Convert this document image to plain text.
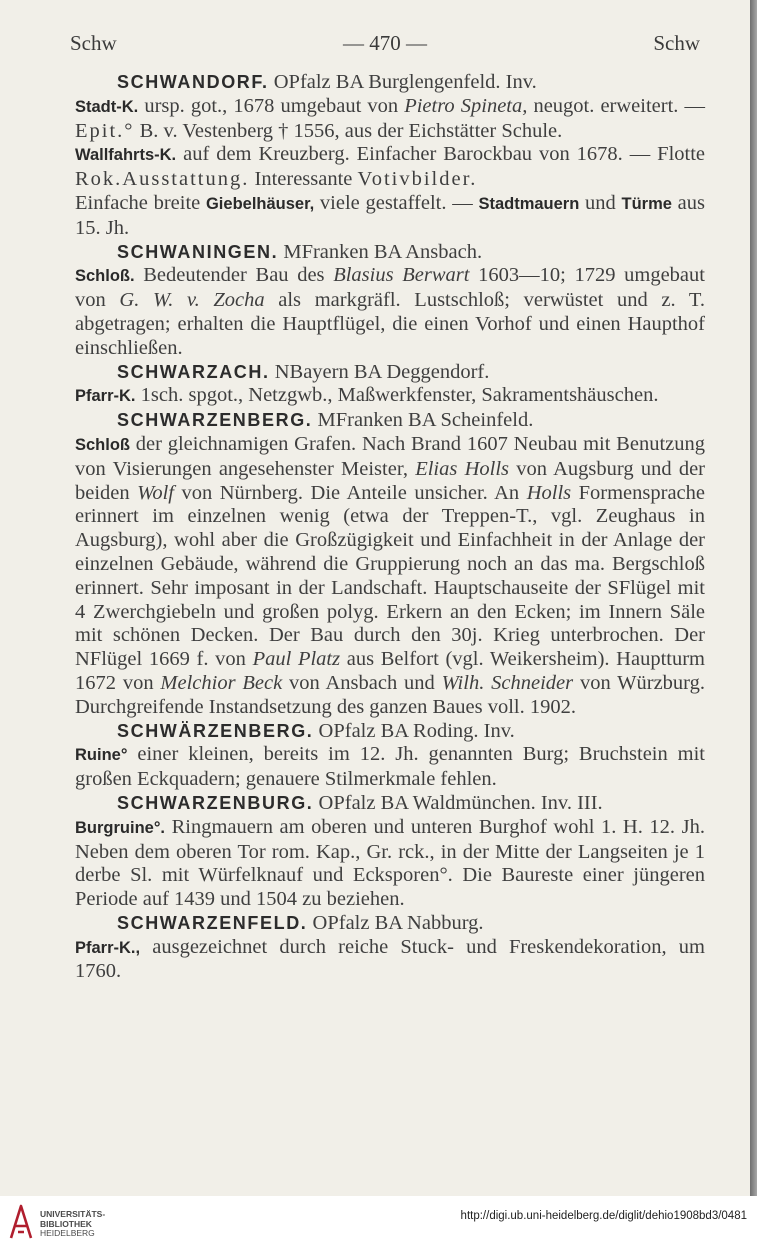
Schw	— 470 —	Schw
SCHWANDORF. OPfalz BA Burglengenfeld. Inv.
Stadt-K. ursp. got., 1678 umgebaut von Pietro Spineta, neugot. erweitert. — Epit.° B. v. Vestenberg † 1556, aus der Eichstätter Schule.
Wallfahrts-K. auf dem Kreuzberg. Einfacher Barockbau von 1678. — Flotte Rok.Ausstattung. Interessante Votivbilder.
Einfache breite Giebelhäuser, viele gestaffelt. — Stadtmauern und Türme aus 15. Jh.
SCHWANINGEN. MFranken BA Ansbach.
Schloß. Bedeutender Bau des Blasius Berwart 1603—10; 1729 umgebaut von G. W. v. Zocha als markgräfl. Lustschloß; verwüstet und z. T. abgetragen; erhalten die Hauptflügel, die einen Vorhof und einen Haupthof einschließen.
SCHWARZACH. NBayern BA Deggendorf.
Pfarr-K. 1sch. spgot., Netzgwb., Maßwerkfenster, Sakramentshäuschen.
SCHWARZENBERG. MFranken BA Scheinfeld.
Schloß der gleichnamigen Grafen. Nach Brand 1607 Neubau mit Benutzung von Visierungen angesehenster Meister, Elias Holls von Augsburg und der beiden Wolf von Nürnberg. Die Anteile unsicher. An Holls Formensprache erinnert im einzelnen wenig (etwa der Treppen-T., vgl. Zeughaus in Augsburg), wohl aber die Großzügigkeit und Einfachheit in der Anlage der einzelnen Gebäude, während die Gruppierung noch an das ma. Bergschloß erinnert. Sehr imposant in der Landschaft. Hauptschauseite der SFlügel mit 4 Zwerchgiebeln und großen polyg. Erkern an den Ecken; im Innern Säle mit schönen Decken. Der Bau durch den 30j. Krieg unterbrochen. Der NFlügel 1669 f. von Paul Platz aus Belfort (vgl. Weikersheim). Hauptturm 1672 von Melchior Beck von Ansbach und Wilh. Schneider von Würzburg. Durchgreifende Instandsetzung des ganzen Baues voll. 1902.
SCHWÄRZENBERG. OPfalz BA Roding. Inv.
Ruine° einer kleinen, bereits im 12. Jh. genannten Burg; Bruchstein mit großen Eckquadern; genauere Stilmerkmale fehlen.
SCHWARZENBURG. OPfalz BA Waldmünchen. Inv. III.
Burgruine°. Ringmauern am oberen und unteren Burghof wohl 1. H. 12. Jh. Neben dem oberen Tor rom. Kap., Gr. rck., in der Mitte der Langseiten je 1 derbe Sl. mit Würfelknauf und Ecksporen°. Die Baureste einer jüngeren Periode auf 1439 und 1504 zu beziehen.
SCHWARZENFELD. OPfalz BA Nabburg.
Pfarr-K., ausgezeichnet durch reiche Stuck- und Freskendekoration, um 1760.
UNIVERSITÄTS-
BIBLIOTHEK
HEIDELBERG
http://digi.ub.uni-heidelberg.de/diglit/dehio1908bd3/0481
